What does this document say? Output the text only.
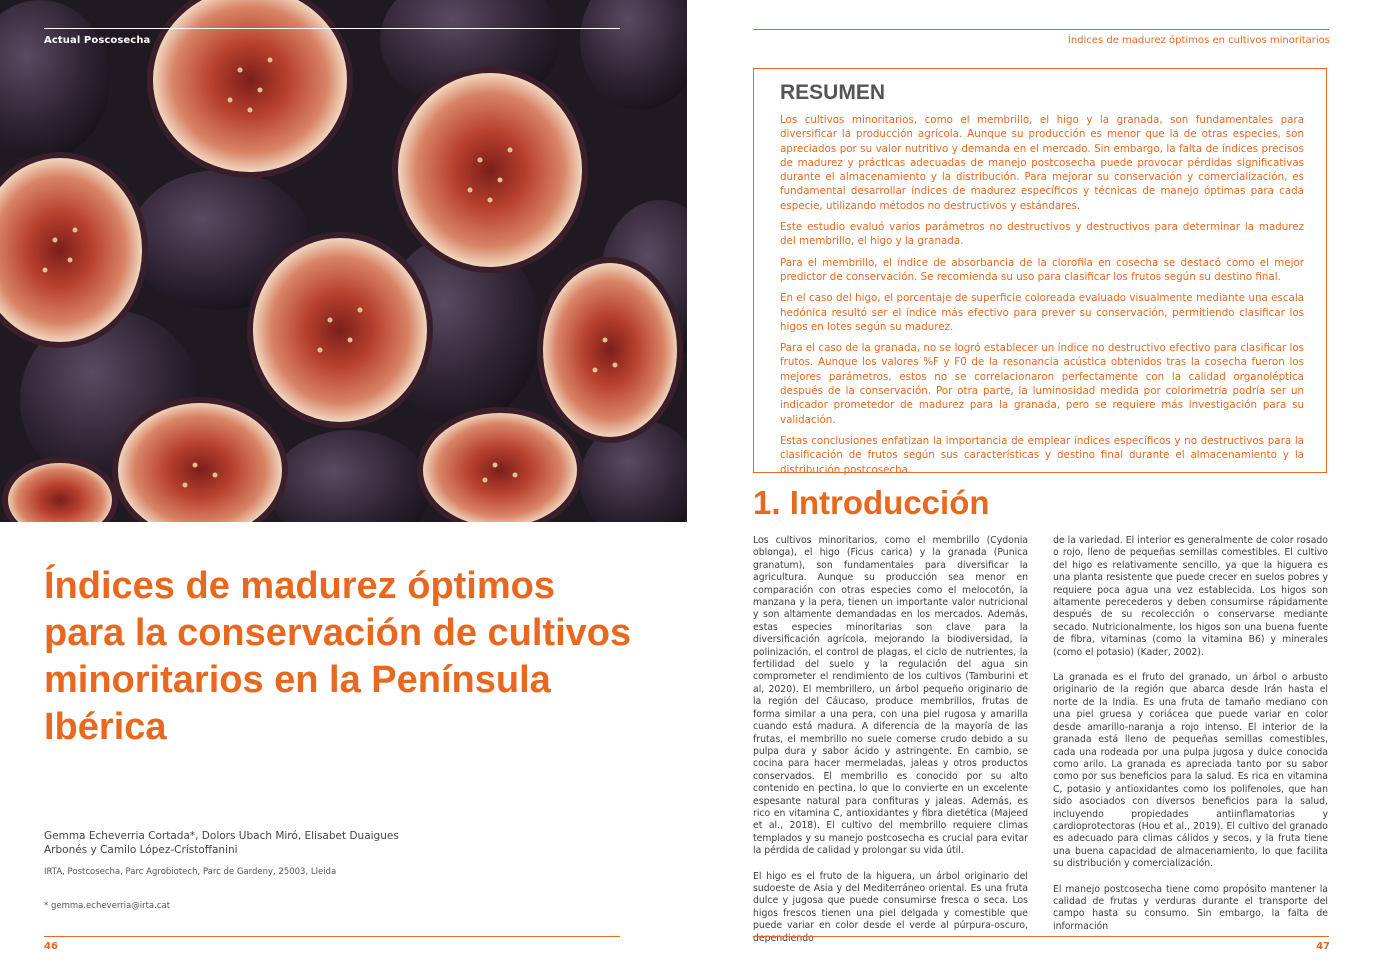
Actual Poscosecha
Índices de madurez óptimos para la conservación de cultivos minoritarios en la Península Ibérica

Gemma Echeverria Cortada*, Dolors Ubach Miró, Elisabet Duaigues Arbonés y Camilo López-Cristoffanini

IRTA, Postcosecha, Parc Agrobiotech, Parc de Gardeny, 25003, Lleida

* gemma.echeverria@irta.cat

46
Índices de madurez óptimos en cultivos minoritarios
RESUMEN

Los cultivos minoritarios, como el membrillo, el higo y la granada, son fundamentales para diversificar la producción agrícola. Aunque su producción es menor que la de otras especies, son apreciados por su valor nutritivo y demanda en el mercado. Sin embargo, la falta de índices precisos de madurez y prácticas adecuadas de manejo postcosecha puede provocar pérdidas significativas durante el almacenamiento y la distribución. Para mejorar su conservación y comercialización, es fundamental desarrollar índices de madurez específicos y técnicas de manejo óptimas para cada especie, utilizando métodos no destructivos y estándares.

Este estudio evaluó varios parámetros no destructivos y destructivos para determinar la madurez del membrillo, el higo y la granada.

Para el membrillo, el índice de absorbancia de la clorofila en cosecha se destacó como el mejor predictor de conservación. Se recomienda su uso para clasificar los frutos según su destino final.

En el caso del higo, el porcentaje de superficie coloreada evaluado visualmente mediante una escala hedónica resultó ser el índice más efectivo para prever su conservación, permitiendo clasificar los higos en lotes según su madurez.

Para el caso de la granada, no se logró establecer un índice no destructivo efectivo para clasificar los frutos. Aunque los valores %F y F0 de la resonancia acústica obtenidos tras la cosecha fueron los mejores parámetros, estos no se correlacionaron perfectamente con la calidad organoléptica después de la conservación. Por otra parte, la luminosidad medida por colorimetría podría ser un indicador prometedor de madurez para la granada, pero se requiere más investigación para su validación.

Estas conclusiones enfatizan la importancia de emplear índices específicos y no destructivos para la clasificación de frutos según sus características y destino final durante el almacenamiento y la distribución postcosecha.

1. Introducción

Los cultivos minoritarios, como el membrillo (Cydonia oblonga), el higo (Ficus carica) y la granada (Punica granatum), son fundamentales para diversificar la agricultura. Aunque su producción sea menor en comparación con otras especies como el melocotón, la manzana y la pera, tienen un importante valor nutricional y son altamente demandadas en los mercados. Además, estas especies minoritarias son clave para la diversificación agrícola, mejorando la biodiversidad, la polinización, el control de plagas, el ciclo de nutrientes, la fertilidad del suelo y la regulación del agua sin comprometer el rendimiento de los cultivos (Tamburini et al, 2020). El membrillero, un árbol pequeño originario de la región del Cáucaso, produce membrillos, frutas de forma similar a una pera, con una piel rugosa y amarilla cuando está madura. A diferencia de la mayoría de las frutas, el membrillo no suele comerse crudo debido a su pulpa dura y sabor ácido y astringente. En cambio, se cocina para hacer mermeladas, jaleas y otros productos conservados. El membrillo es conocido por su alto contenido en pectina, lo que lo convierte en un excelente espesante natural para confituras y jaleas. Además, es rico en vitamina C, antioxidantes y fibra dietética (Majeed et al., 2018). El cultivo del membrillo requiere climas templados y su manejo postcosecha es crucial para evitar la pérdida de calidad y prolongar su vida útil.

El higo es el fruto de la higuera, un árbol originario del sudoeste de Asia y del Mediterráneo oriental. Es una fruta dulce y jugosa que puede consumirse fresca o seca. Los higos frescos tienen una piel delgada y comestible que puede variar en color desde el verde al púrpura-oscuro, dependiendo

de la variedad. El interior es generalmente de color rosado o rojo, lleno de pequeñas semillas comestibles. El cultivo del higo es relativamente sencillo, ya que la higuera es una planta resistente que puede crecer en suelos pobres y requiere poca agua una vez establecida. Los higos son altamente perecederos y deben consumirse rápidamente después de su recolección o conservarse mediante secado. Nutricionalmente, los higos son una buena fuente de fibra, vitaminas (como la vitamina B6) y minerales (como el potasio) (Kader, 2002).

La granada es el fruto del granado, un árbol o arbusto originario de la región que abarca desde Irán hasta el norte de la India. Es una fruta de tamaño mediano con una piel gruesa y coriácea que puede variar en color desde amarillo-naranja a rojo intenso. El interior de la granada está lleno de pequeñas semillas comestibles, cada una rodeada por una pulpa jugosa y dulce conocida como arilo. La granada es apreciada tanto por su sabor como por sus beneficios para la salud. Es rica en vitamina C, potasio y antioxidantes como los polifenoles, que han sido asociados con diversos beneficios para la salud, incluyendo propiedades antiinflamatorias y cardioprotectoras (Hou et al., 2019). El cultivo del granado es adecuado para climas cálidos y secos, y la fruta tiene una buena capacidad de almacenamiento, lo que facilita su distribución y comercialización.

El manejo postcosecha tiene como propósito mantener la calidad de frutas y verduras durante el transporte del campo hasta su consumo. Sin embargo, la falta de información

47
